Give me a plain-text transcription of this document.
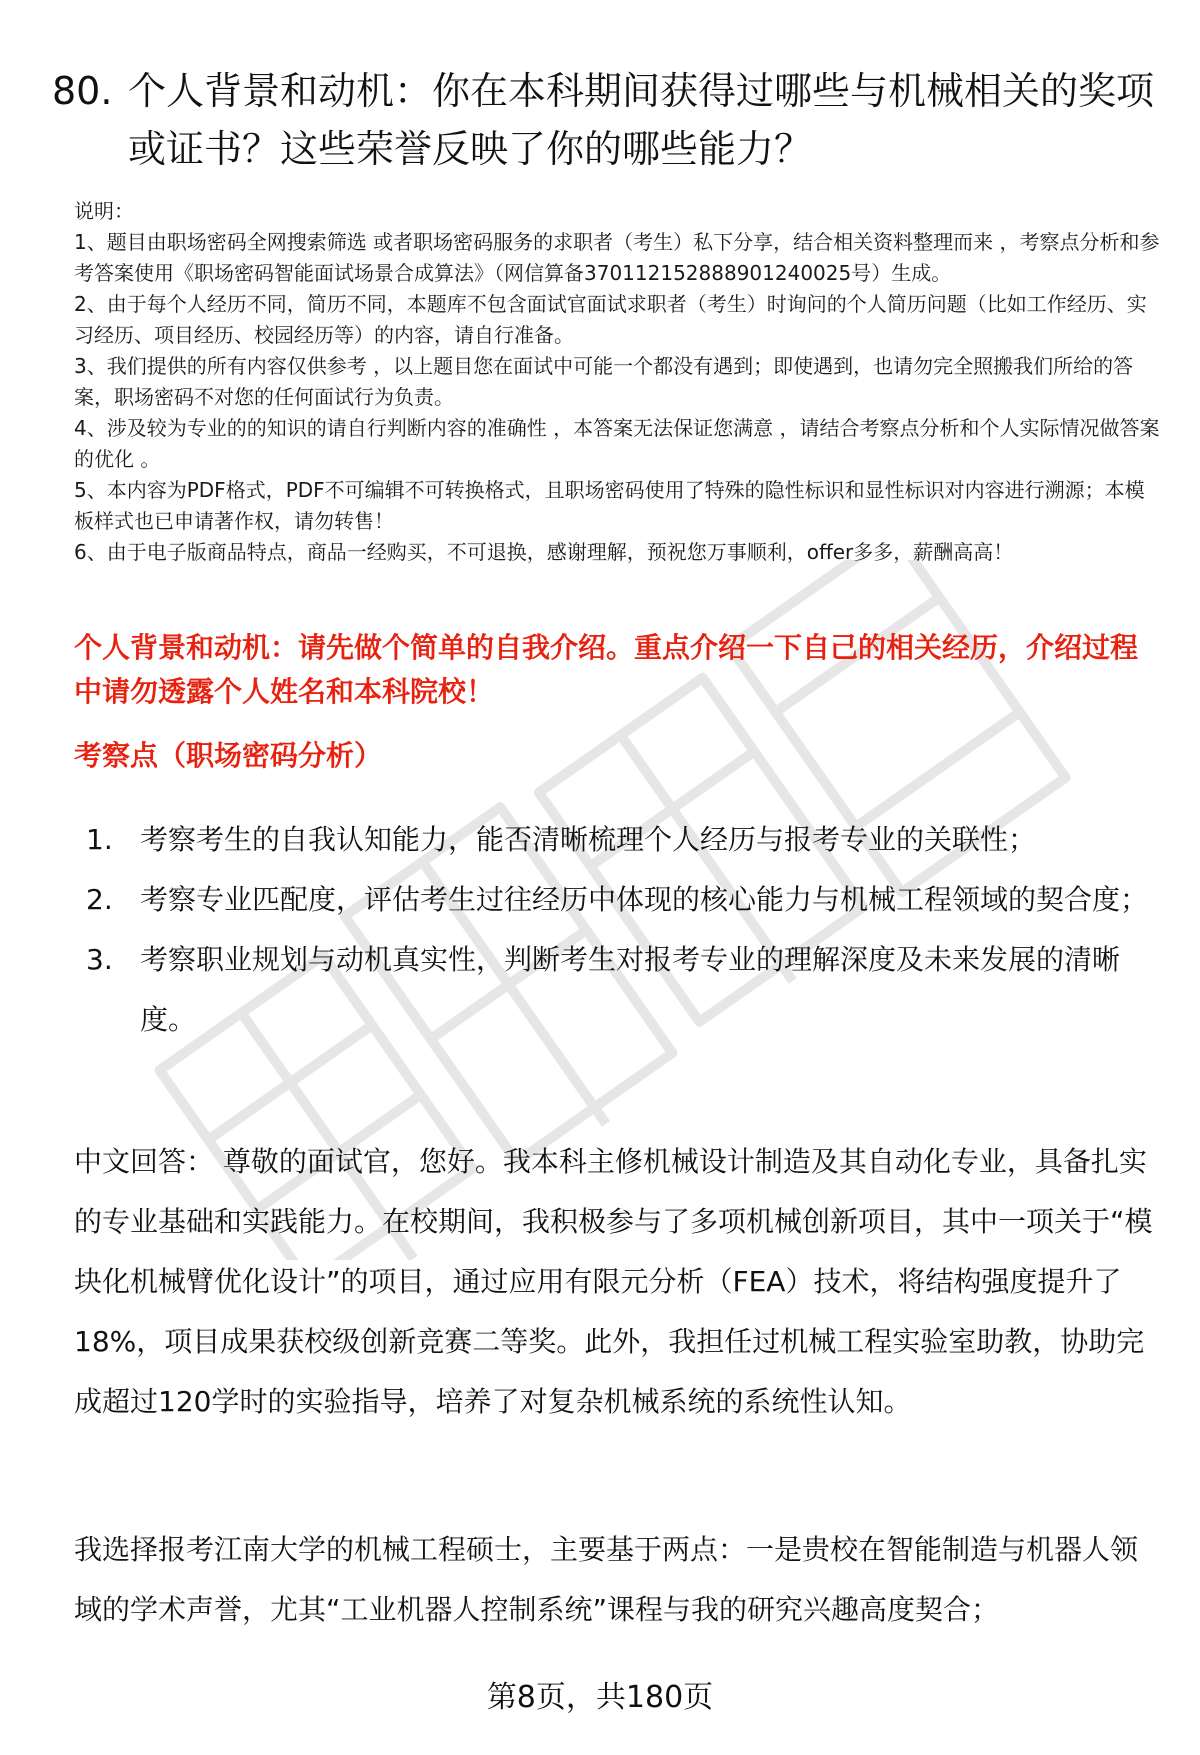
80. 个人背景和动机：你在本科期间获得过哪些与机械相关的奖项或证书？这些荣誉反映了你的哪些能力？

说明：

1、题目由职场密码全网搜索筛选 或者职场密码服务的求职者（考生）私下分享，结合相关资料整理而来 ，考察点分析和参考答案使用《职场密码智能面试场景合成算法》（网信算备370112152888901240025号）生成。

2、由于每个人经历不同，简历不同，本题库不包含面试官面试求职者（考生）时询问的个人简历问题（比如工作经历、实习经历、项目经历、校园经历等）的内容，请自行准备。

3、我们提供的所有内容仅供参考 ，以上题目您在面试中可能一个都没有遇到；即使遇到，也请勿完全照搬我们所给的答案，职场密码不对您的任何面试行为负责。

4、涉及较为专业的的知识的请自行判断内容的准确性 ，本答案无法保证您满意 ，请结合考察点分析和个人实际情况做答案的优化 。

5、本内容为PDF格式，PDF不可编辑不可转换格式，且职场密码使用了特殊的隐性标识和显性标识对内容进行溯源；本模板样式也已申请著作权，请勿转售！

6、由于电子版商品特点，商品一经购买，不可退换，感谢理解，预祝您万事顺利，offer多多，薪酬高高！

个人背景和动机：请先做个简单的自我介绍。重点介绍一下自己的相关经历，介绍过程中请勿透露个人姓名和本科院校！
考察点（职场密码分析）
1. 考察考生的自我认知能力，能否清晰梳理个人经历与报考专业的关联性；
2. 考察专业匹配度，评估考生过往经历中体现的核心能力与机械工程领域的契合度；
3. 考察职业规划与动机真实性，判断考生对报考专业的理解深度及未来发展的清晰度。

中文回答： 尊敬的面试官，您好。我本科主修机械设计制造及其自动化专业，具备扎实的专业基础和实践能力。在校期间，我积极参与了多项机械创新项目，其中一项关于“模块化机械臂优化设计”的项目，通过应用有限元分析（FEA）技术，将结构强度提升了18%，项目成果获校级创新竞赛二等奖。此外，我担任过机械工程实验室助教，协助完成超过120学时的实验指导，培养了对复杂机械系统的系统性认知。

我选择报考江南大学的机械工程硕士，主要基于两点：一是贵校在智能制造与机器人领域的学术声誉，尤其“工业机器人控制系统”课程与我的研究兴趣高度契合；

第8页，共180页
